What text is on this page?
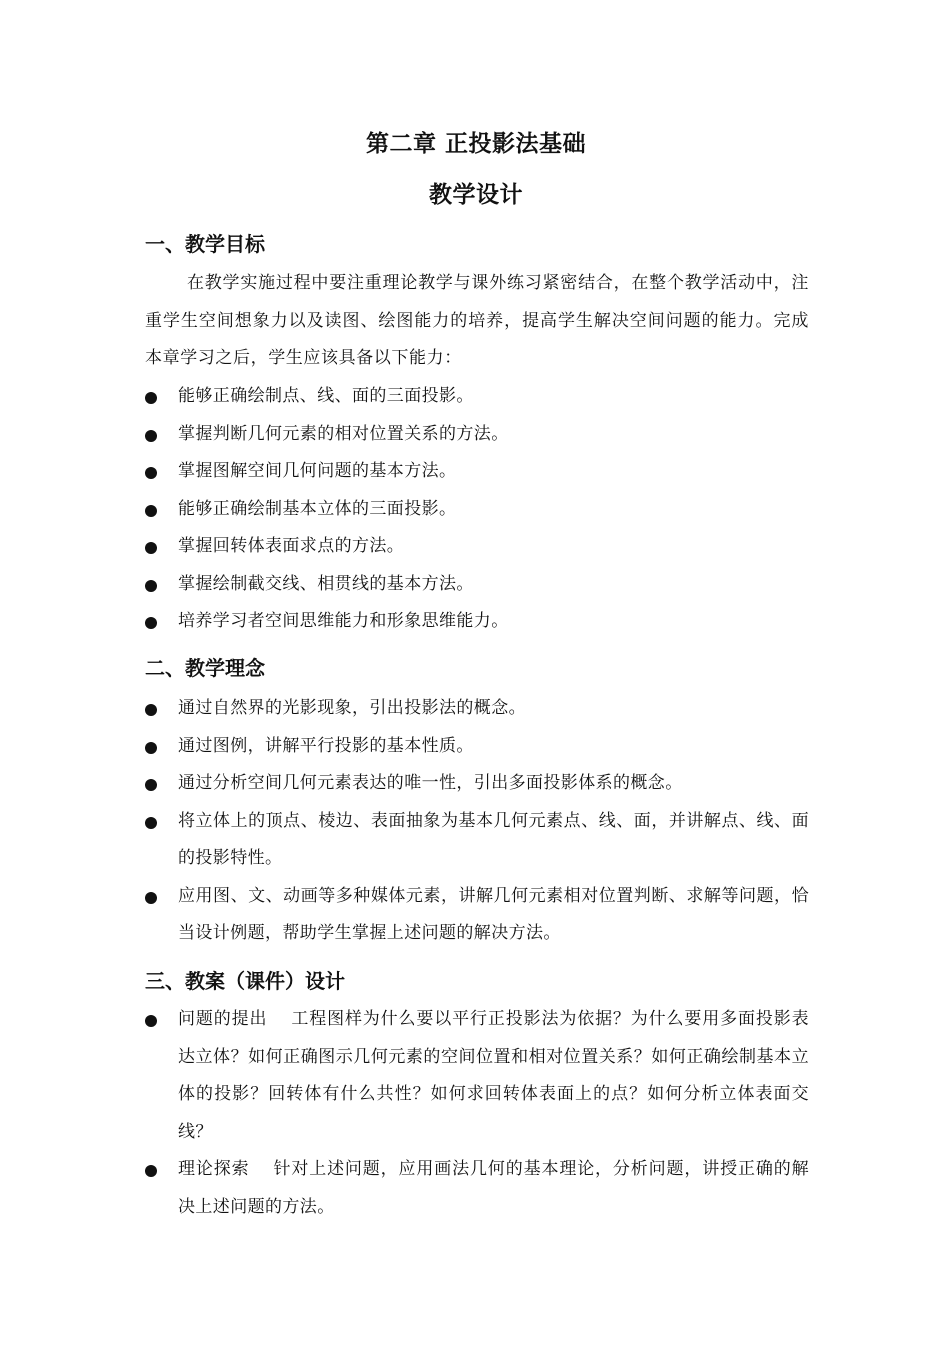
第二章 正投影法基础
教学设计
一、教学目标
在教学实施过程中要注重理论教学与课外练习紧密结合，在整个教学活动中，注重学生空间想象力以及读图、绘图能力的培养，提高学生解决空间问题的能力。完成本章学习之后，学生应该具备以下能力：
能够正确绘制点、线、面的三面投影。
掌握判断几何元素的相对位置关系的方法。
掌握图解空间几何问题的基本方法。
能够正确绘制基本立体的三面投影。
掌握回转体表面求点的方法。
掌握绘制截交线、相贯线的基本方法。
培养学习者空间思维能力和形象思维能力。
二、教学理念
通过自然界的光影现象，引出投影法的概念。
通过图例，讲解平行投影的基本性质。
通过分析空间几何元素表达的唯一性，引出多面投影体系的概念。
将立体上的顶点、棱边、表面抽象为基本几何元素点、线、面，并讲解点、线、面的投影特性。
应用图、文、动画等多种媒体元素，讲解几何元素相对位置判断、求解等问题，恰当设计例题，帮助学生掌握上述问题的解决方法。
三、教案（课件）设计
问题的提出 工程图样为什么要以平行正投影法为依据？为什么要用多面投影表达立体？如何正确图示几何元素的空间位置和相对位置关系？如何正确绘制基本立体的投影？回转体有什么共性？如何求回转体表面上的点？如何分析立体表面交线？
理论探索 针对上述问题，应用画法几何的基本理论，分析问题，讲授正确的解决上述问题的方法。
